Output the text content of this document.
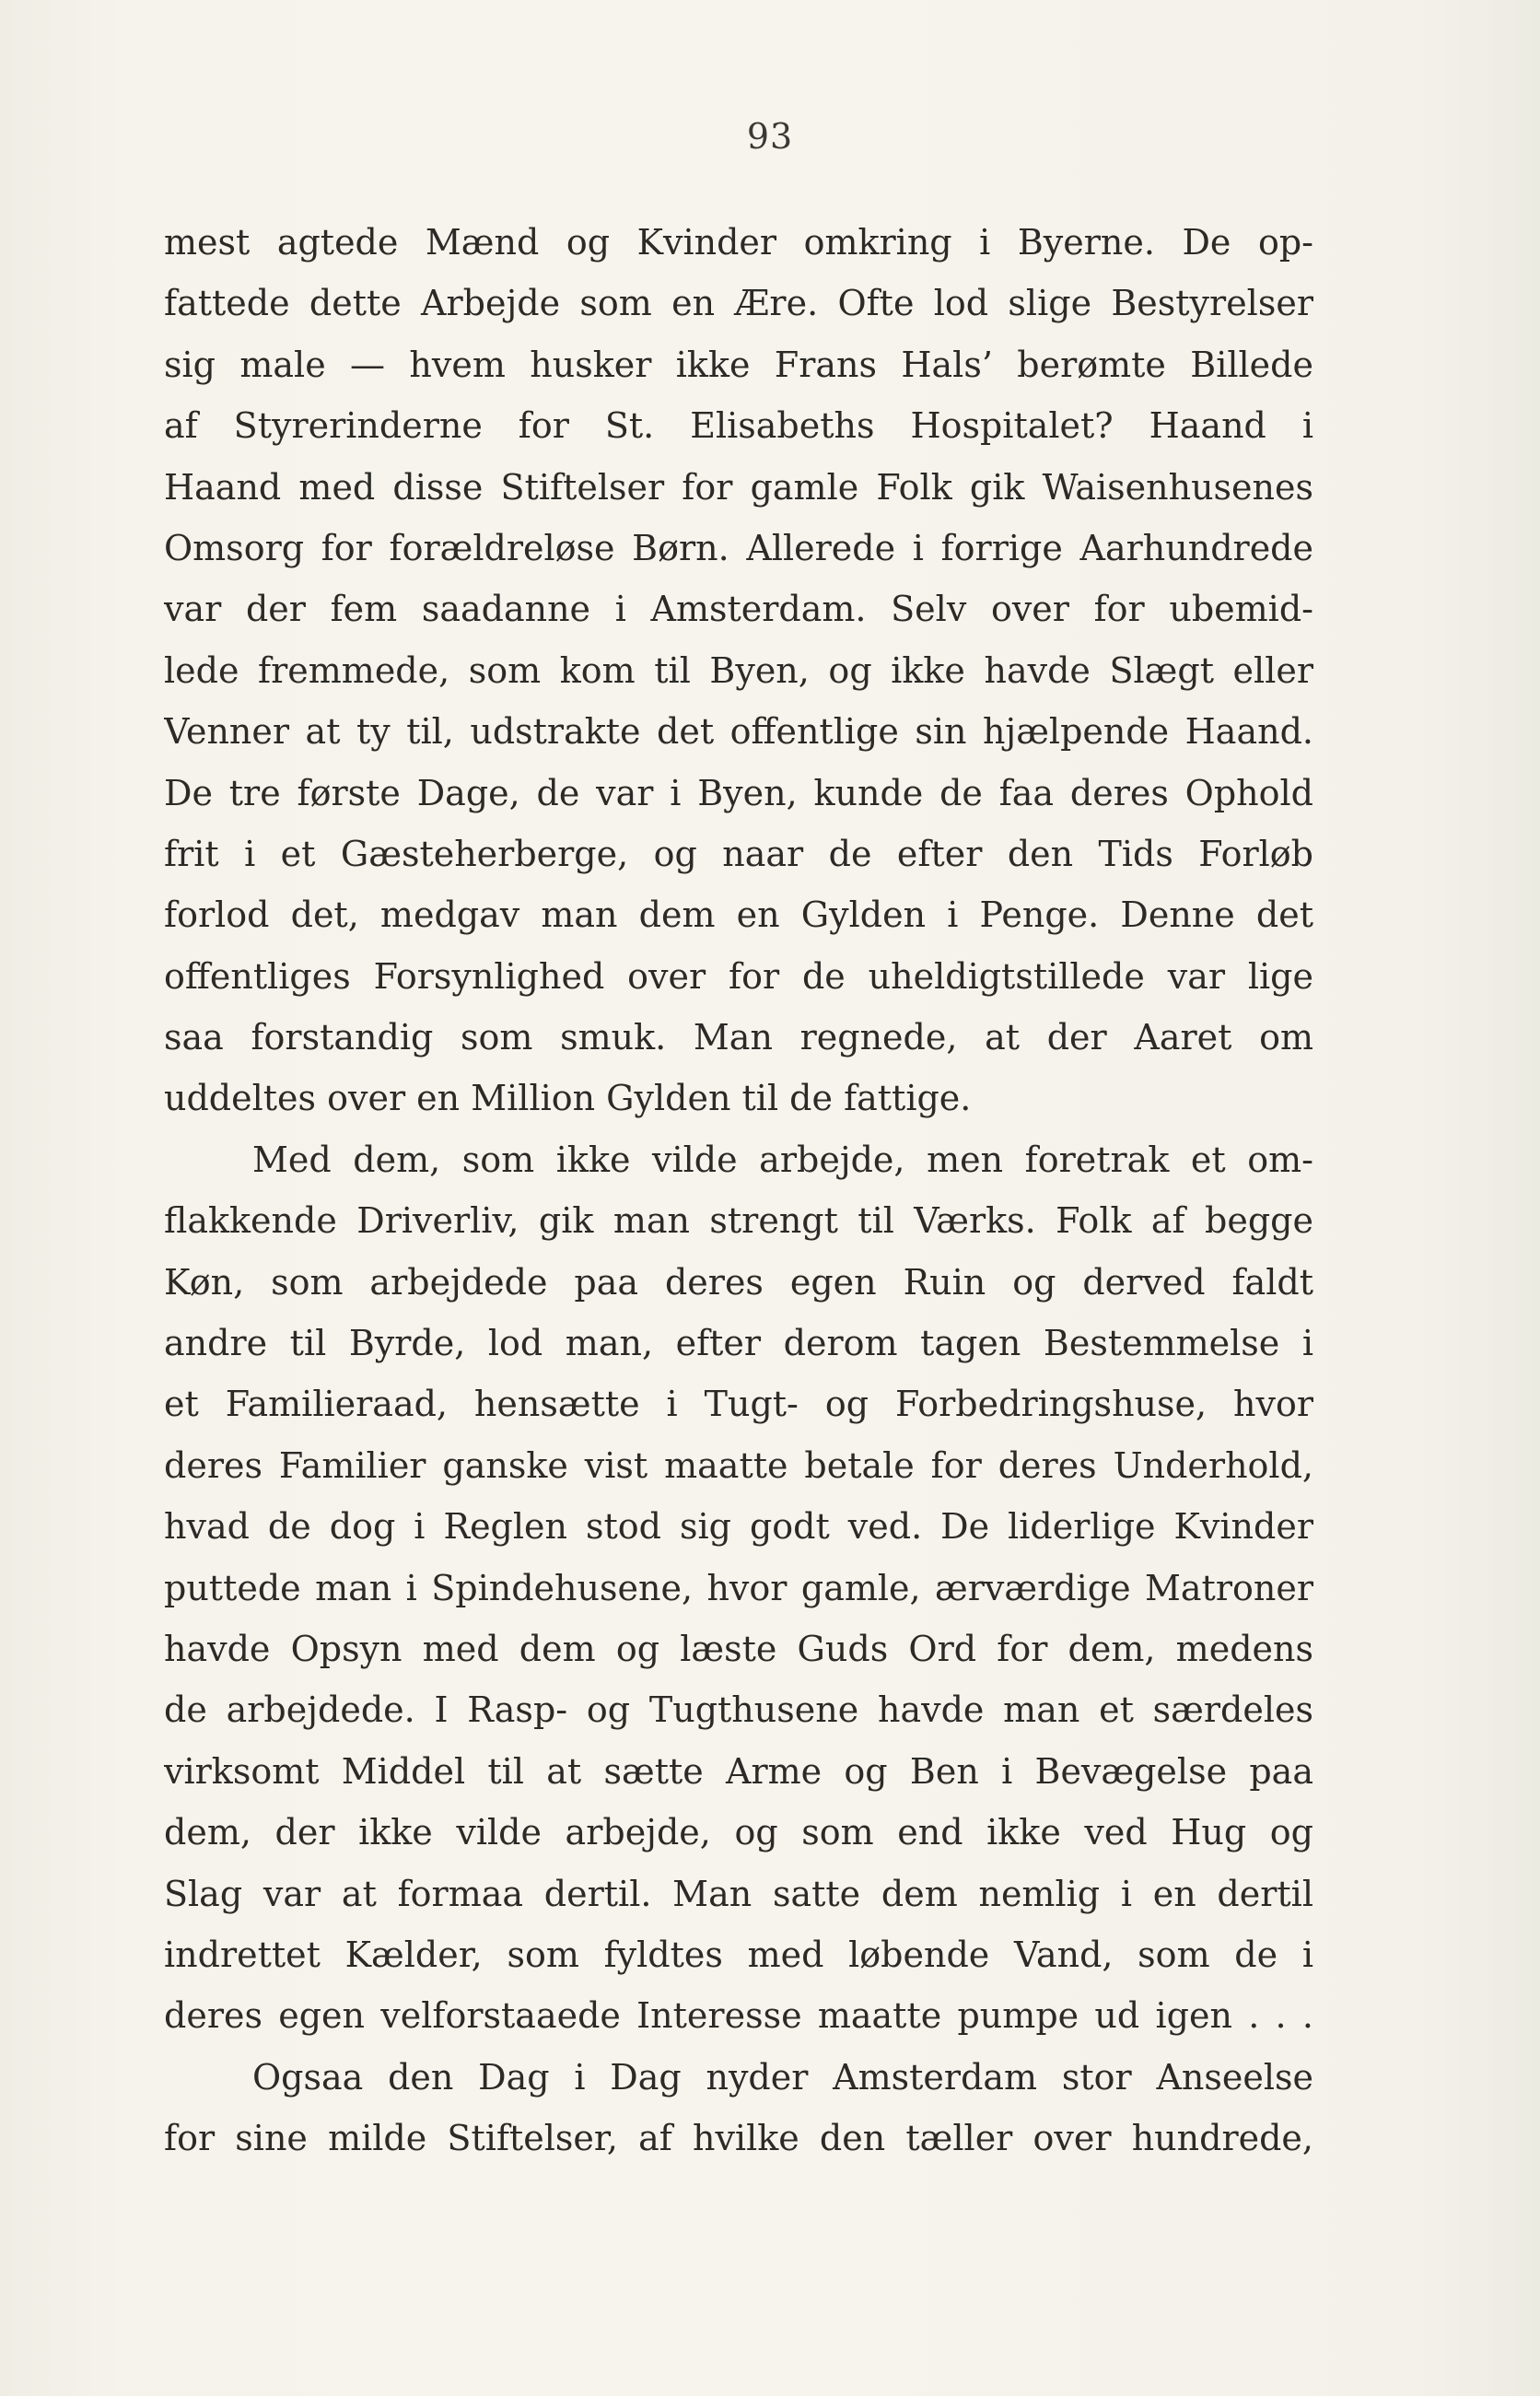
93
mest agtede Mænd og Kvinder omkring i Byerne. De op-
fattede dette Arbejde som en Ære. Ofte lod slige Bestyrelser
sig male — hvem husker ikke Frans Hals’ berømte Billede
af Styrerinderne for St. Elisabeths Hospitalet? Haand i
Haand med disse Stiftelser for gamle Folk gik Waisenhusenes
Omsorg for forældreløse Børn. Allerede i forrige Aarhundrede
var der fem saadanne i Amsterdam. Selv over for ubemid-
lede fremmede, som kom til Byen, og ikke havde Slægt eller
Venner at ty til, udstrakte det offentlige sin hjælpende Haand.
De tre første Dage, de var i Byen, kunde de faa deres Ophold
frit i et Gæsteherberge, og naar de efter den Tids Forløb
forlod det, medgav man dem en Gylden i Penge. Denne det
offentliges Forsynlighed over for de uheldigtstillede var lige
saa forstandig som smuk. Man regnede, at der Aaret om
uddeltes over en Million Gylden til de fattige.
Med dem, som ikke vilde arbejde, men foretrak et om-
flakkende Driverliv, gik man strengt til Værks. Folk af begge
Køn, som arbejdede paa deres egen Ruin og derved faldt
andre til Byrde, lod man, efter derom tagen Bestemmelse i
et Familieraad, hensætte i Tugt- og Forbedringshuse, hvor
deres Familier ganske vist maatte betale for deres Underhold,
hvad de dog i Reglen stod sig godt ved. De liderlige Kvinder
puttede man i Spindehusene, hvor gamle, ærværdige Matroner
havde Opsyn med dem og læste Guds Ord for dem, medens
de arbejdede. I Rasp- og Tugthusene havde man et særdeles
virksomt Middel til at sætte Arme og Ben i Bevægelse paa
dem, der ikke vilde arbejde, og som end ikke ved Hug og
Slag var at formaa dertil. Man satte dem nemlig i en dertil
indrettet Kælder, som fyldtes med løbende Vand, som de i
deres egen velforstaaede Interesse maatte pumpe ud igen . . .
Ogsaa den Dag i Dag nyder Amsterdam stor Anseelse
for sine milde Stiftelser, af hvilke den tæller over hundrede,
